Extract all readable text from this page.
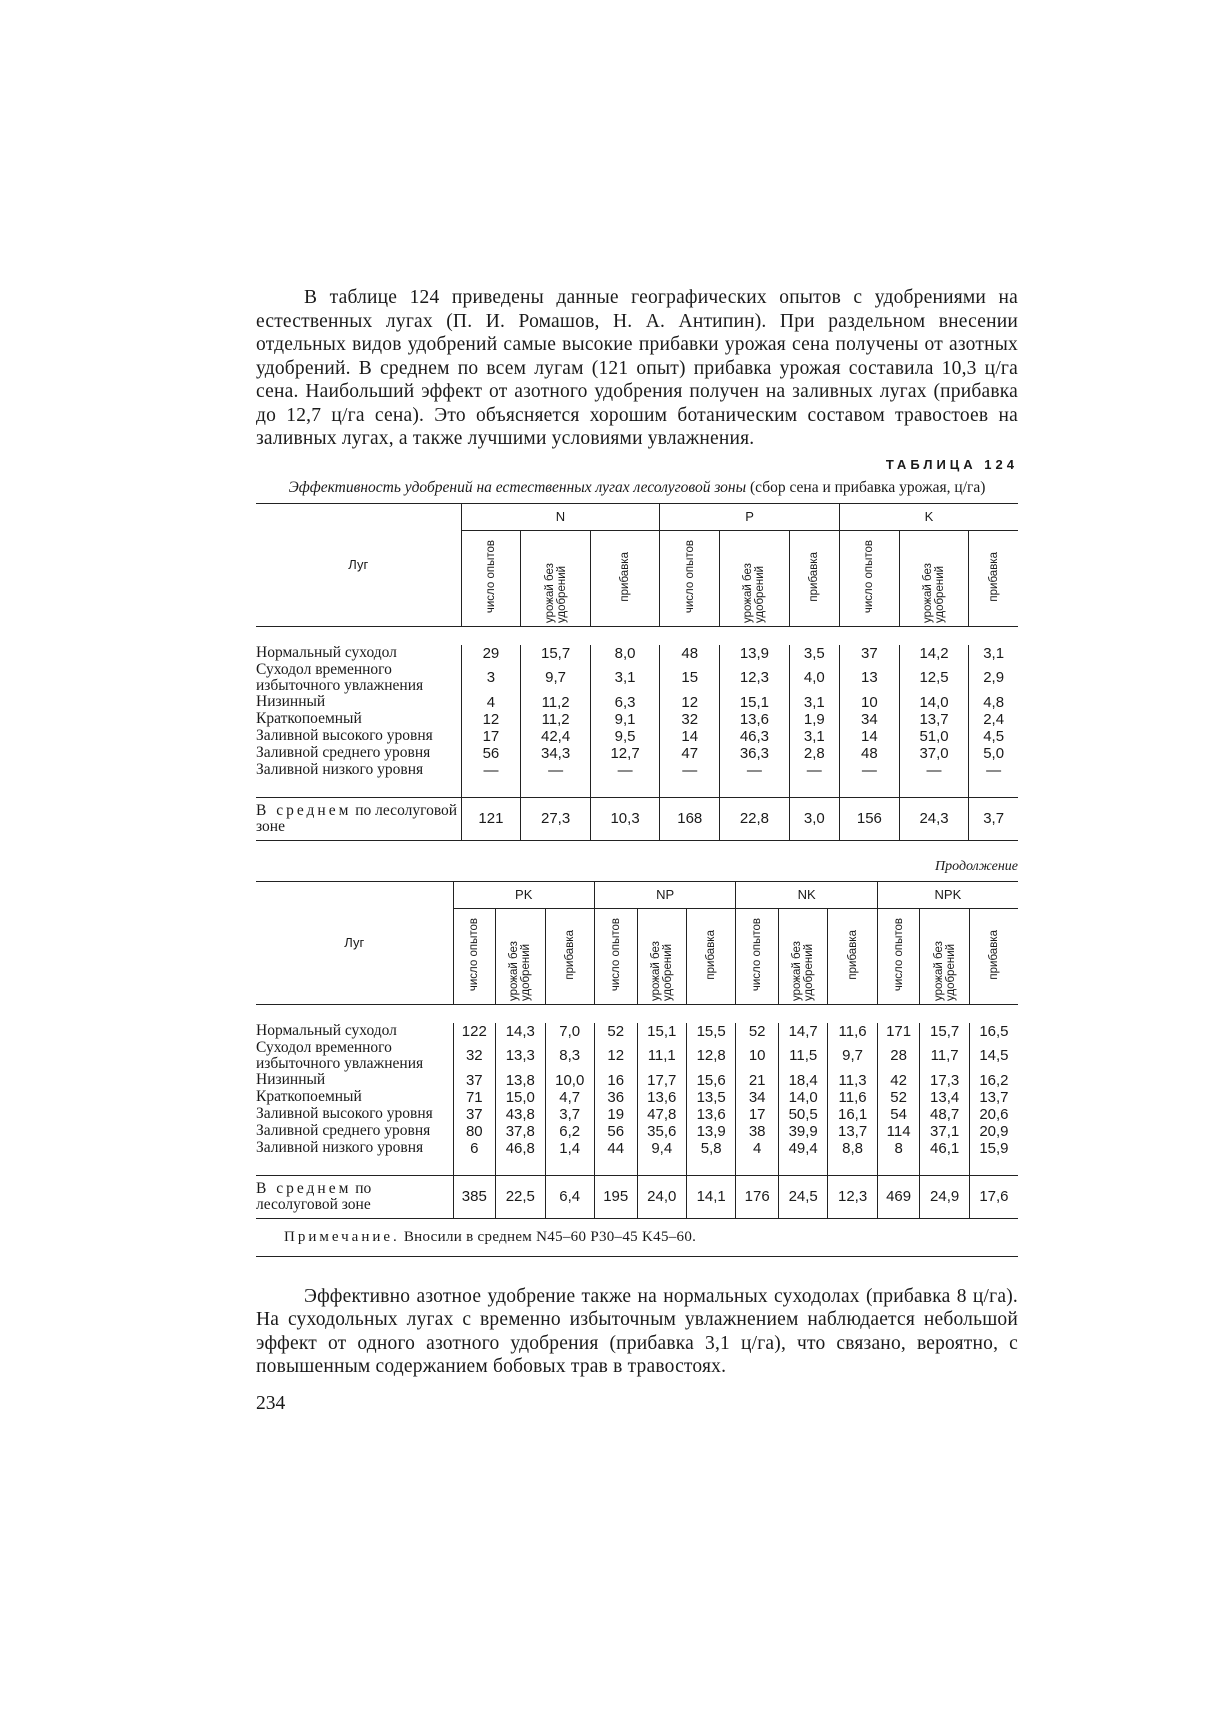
В таблице 124 приведены данные географических опытов с удобрениями на естественных лугах (П. И. Ромашов, Н. А. Антипин). При раздельном внесении отдельных видов удобрений самые высокие прибавки урожая сена получены от азотных удобрений. В среднем по всем лугам (121 опыт) прибавка урожая составила 10,3 ц/га сена. Наибольший эффект от азотного удобрения получен на заливных лугах (прибавка до 12,7 ц/га сена). Это объясняется хорошим ботаническим составом травостоев на заливных лугах, а также лучшими условиями увлажнения.

ТАБЛИЦА 124
Эффективность удобрений на естественных лугах лесолуговой зоны (сбор сена и прибавка урожая, ц/га)
Луг	N			P			K		
	число опытов	урожай без удобрений	прибавка	число опытов	урожай без удобрений	прибавка	число опытов	урожай без удобрений	прибавка

Нормальный суходол	29	15,7	8,0	48	13,9	3,5	37	14,2	3,1
Суходол временного избыточного увлажнения	3	9,7	3,1	15	12,3	4,0	13	12,5	2,9
Низинный	4	11,2	6,3	12	15,1	3,1	10	14,0	4,8
Краткопоемный	12	11,2	9,1	32	13,6	1,9	34	13,7	2,4
Заливной высокого уровня	17	42,4	9,5	14	46,3	3,1	14	51,0	4,5
Заливной среднего уровня	56	34,3	12,7	47	36,3	2,8	48	37,0	5,0
Заливной низкого уровня	—	—	—	—	—	—	—	—	—

В среднем по лесолуговой зоне	121	27,3	10,3	168	22,8	3,0	156	24,3	3,7
Продолжение
Луг	PK			NP			NK			NPK		
	число опытов	урожай без удобрений	прибавка	число опытов	урожай без удобрений	прибавка	число опытов	урожай без удобрений	прибавка	число опытов	урожай без удобрений	прибавка

Нормальный суходол	122	14,3	7,0	52	15,1	15,5	52	14,7	11,6	171	15,7	16,5
Суходол временного избыточного увлажнения	32	13,3	8,3	12	11,1	12,8	10	11,5	9,7	28	11,7	14,5
Низинный	37	13,8	10,0	16	17,7	15,6	21	18,4	11,3	42	17,3	16,2
Краткопоемный	71	15,0	4,7	36	13,6	13,5	34	14,0	11,6	52	13,4	13,7
Заливной высокого уровня	37	43,8	3,7	19	47,8	13,6	17	50,5	16,1	54	48,7	20,6
Заливной среднего уровня	80	37,8	6,2	56	35,6	13,9	38	39,9	13,7	114	37,1	20,9
Заливной низкого уровня	6	46,8	1,4	44	9,4	5,8	4	49,4	8,8	8	46,1	15,9

В среднем по лесолуговой зоне	385	22,5	6,4	195	24,0	14,1	176	24,5	12,3	469	24,9	17,6
Примечание. Вносили в среднем N45–60 P30–45 K45–60.

Эффективно азотное удобрение также на нормальных суходолах (прибавка 8 ц/га). На суходольных лугах с временно избыточным увлажнением наблюдается небольшой эффект от одного азотного удобрения (прибавка 3,1 ц/га), что связано, вероятно, с повышенным содержанием бобовых трав в травостоях.

234
